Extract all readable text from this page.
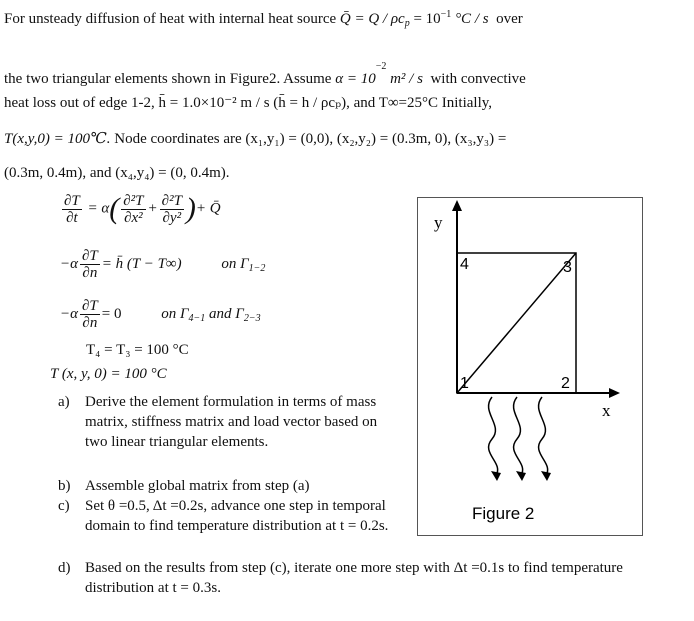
For unsteady diffusion of heat with internal heat source Q̄ = $Q / \rho c_p = 10^{-1}$ °C / s over
the two triangular elements shown in Figure2. Assume $\alpha = 10^{-2}$ m² / s with convective
heat loss out of edge 1-2, h̄ = 1.0×10⁻² m / s (h̄ = h / ρcₚ), and T∞=25°C Initially,
T(x,y,0) = 100℃. Node coordinates are (x₁,y₁) = (0,0), (x₂,y₂) = (0.3m, 0), (x₃,y₃) =
(0.3m, 0.4m), and (x₄,y₄) = (0, 0.4m).
$\frac{\partial T}{\partial t} = \alpha( \frac{\text{∂²T}}{\text{∂x²}} + \frac{\text{∂²T}}{\text{∂y²}}$ )+ Q̄
$-\alpha \frac{\partial T}{\partial n}$ = h̄ (T − T∞)	on $\Gamma_{1-2}$
$-\alpha \frac{\partial T}{\partial n} = 0$	on $\Gamma_{4-1}$ and $\Gamma_{2-3}$
T₄ = T₃ = 100 °C
T (x, y, 0) = 100 °C
a) Derive the element formulation in terms of mass matrix, stiffness matrix and load vector based on two linear triangular elements.
b) Assemble global matrix from step (a)
c) Set θ =0.5, Δt =0.2s, advance one step in temporal domain to find temperature distribution at t = 0.2s.
d) Based on the results from step (c), iterate one more step with Δt =0.1s to find temperature distribution at t = 0.3s.
y
x
1	2
3
4
Figure 2
